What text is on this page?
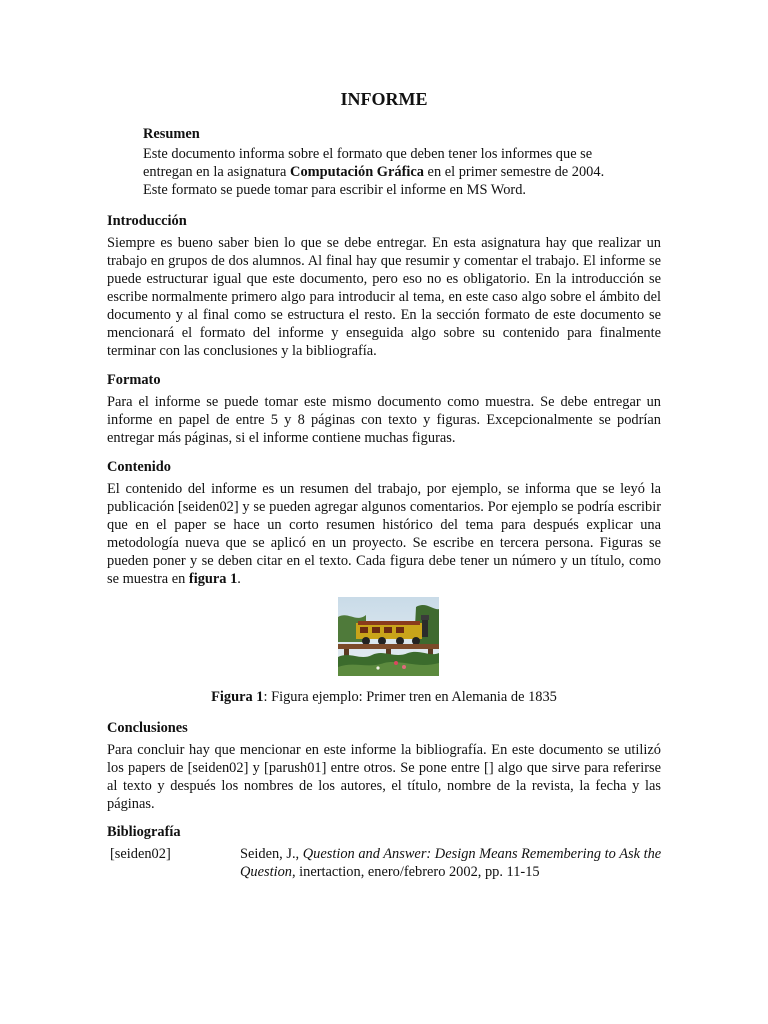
INFORME
Resumen

Este documento informa sobre el formato que deben tener los informes que se entregan en la asignatura Computación Gráfica en el primer semestre de 2004.

Este formato se puede tomar para escribir el informe en MS Word.

Introducción

Siempre es bueno saber bien lo que se debe entregar. En esta asignatura hay que realizar un trabajo en grupos de dos alumnos. Al final hay que resumir y comentar el trabajo. El informe se puede estructurar igual que este documento, pero eso no es obligatorio. En la introducción se escribe normalmente primero algo para introducir al tema, en este caso algo sobre el ámbito del documento y al final como se estructura el resto. En la sección formato de este documento se mencionará el formato del informe y enseguida algo sobre su contenido para finalmente terminar con las conclusiones y la bibliografía.

Formato

Para el informe se puede tomar este mismo documento como muestra. Se debe entregar un informe en papel de entre 5 y 8 páginas con texto y figuras. Excepcionalmente se podrían entregar más páginas, si el informe contiene muchas figuras.

Contenido

El contenido del informe es un resumen del trabajo, por ejemplo, se informa que se leyó la publicación [seiden02] y se pueden agregar algunos comentarios. Por ejemplo se podría escribir que en el paper se hace un corto resumen histórico del tema para después explicar una metodología nueva que se aplicó en un proyecto. Se escribe en tercera persona. Figuras se pueden poner y se deben citar en el texto. Cada figura debe tener un número y un título, como se muestra en figura 1.

Figura 1: Figura ejemplo: Primer tren en Alemania de 1835
Conclusiones

Para concluir hay que mencionar en este informe la bibliografía. En este documento se utilizó los papers de [seiden02] y [parush01] entre otros. Se pone entre [] algo que sirve para referirse al texto y después los nombres de los autores, el título, nombre de la revista, la fecha y las páginas.

Bibliografía
[seiden02]	Seiden, J., Question and Answer: Design Means Remembering to Ask the Question, inertaction, enero/febrero 2002, pp. 11-15
